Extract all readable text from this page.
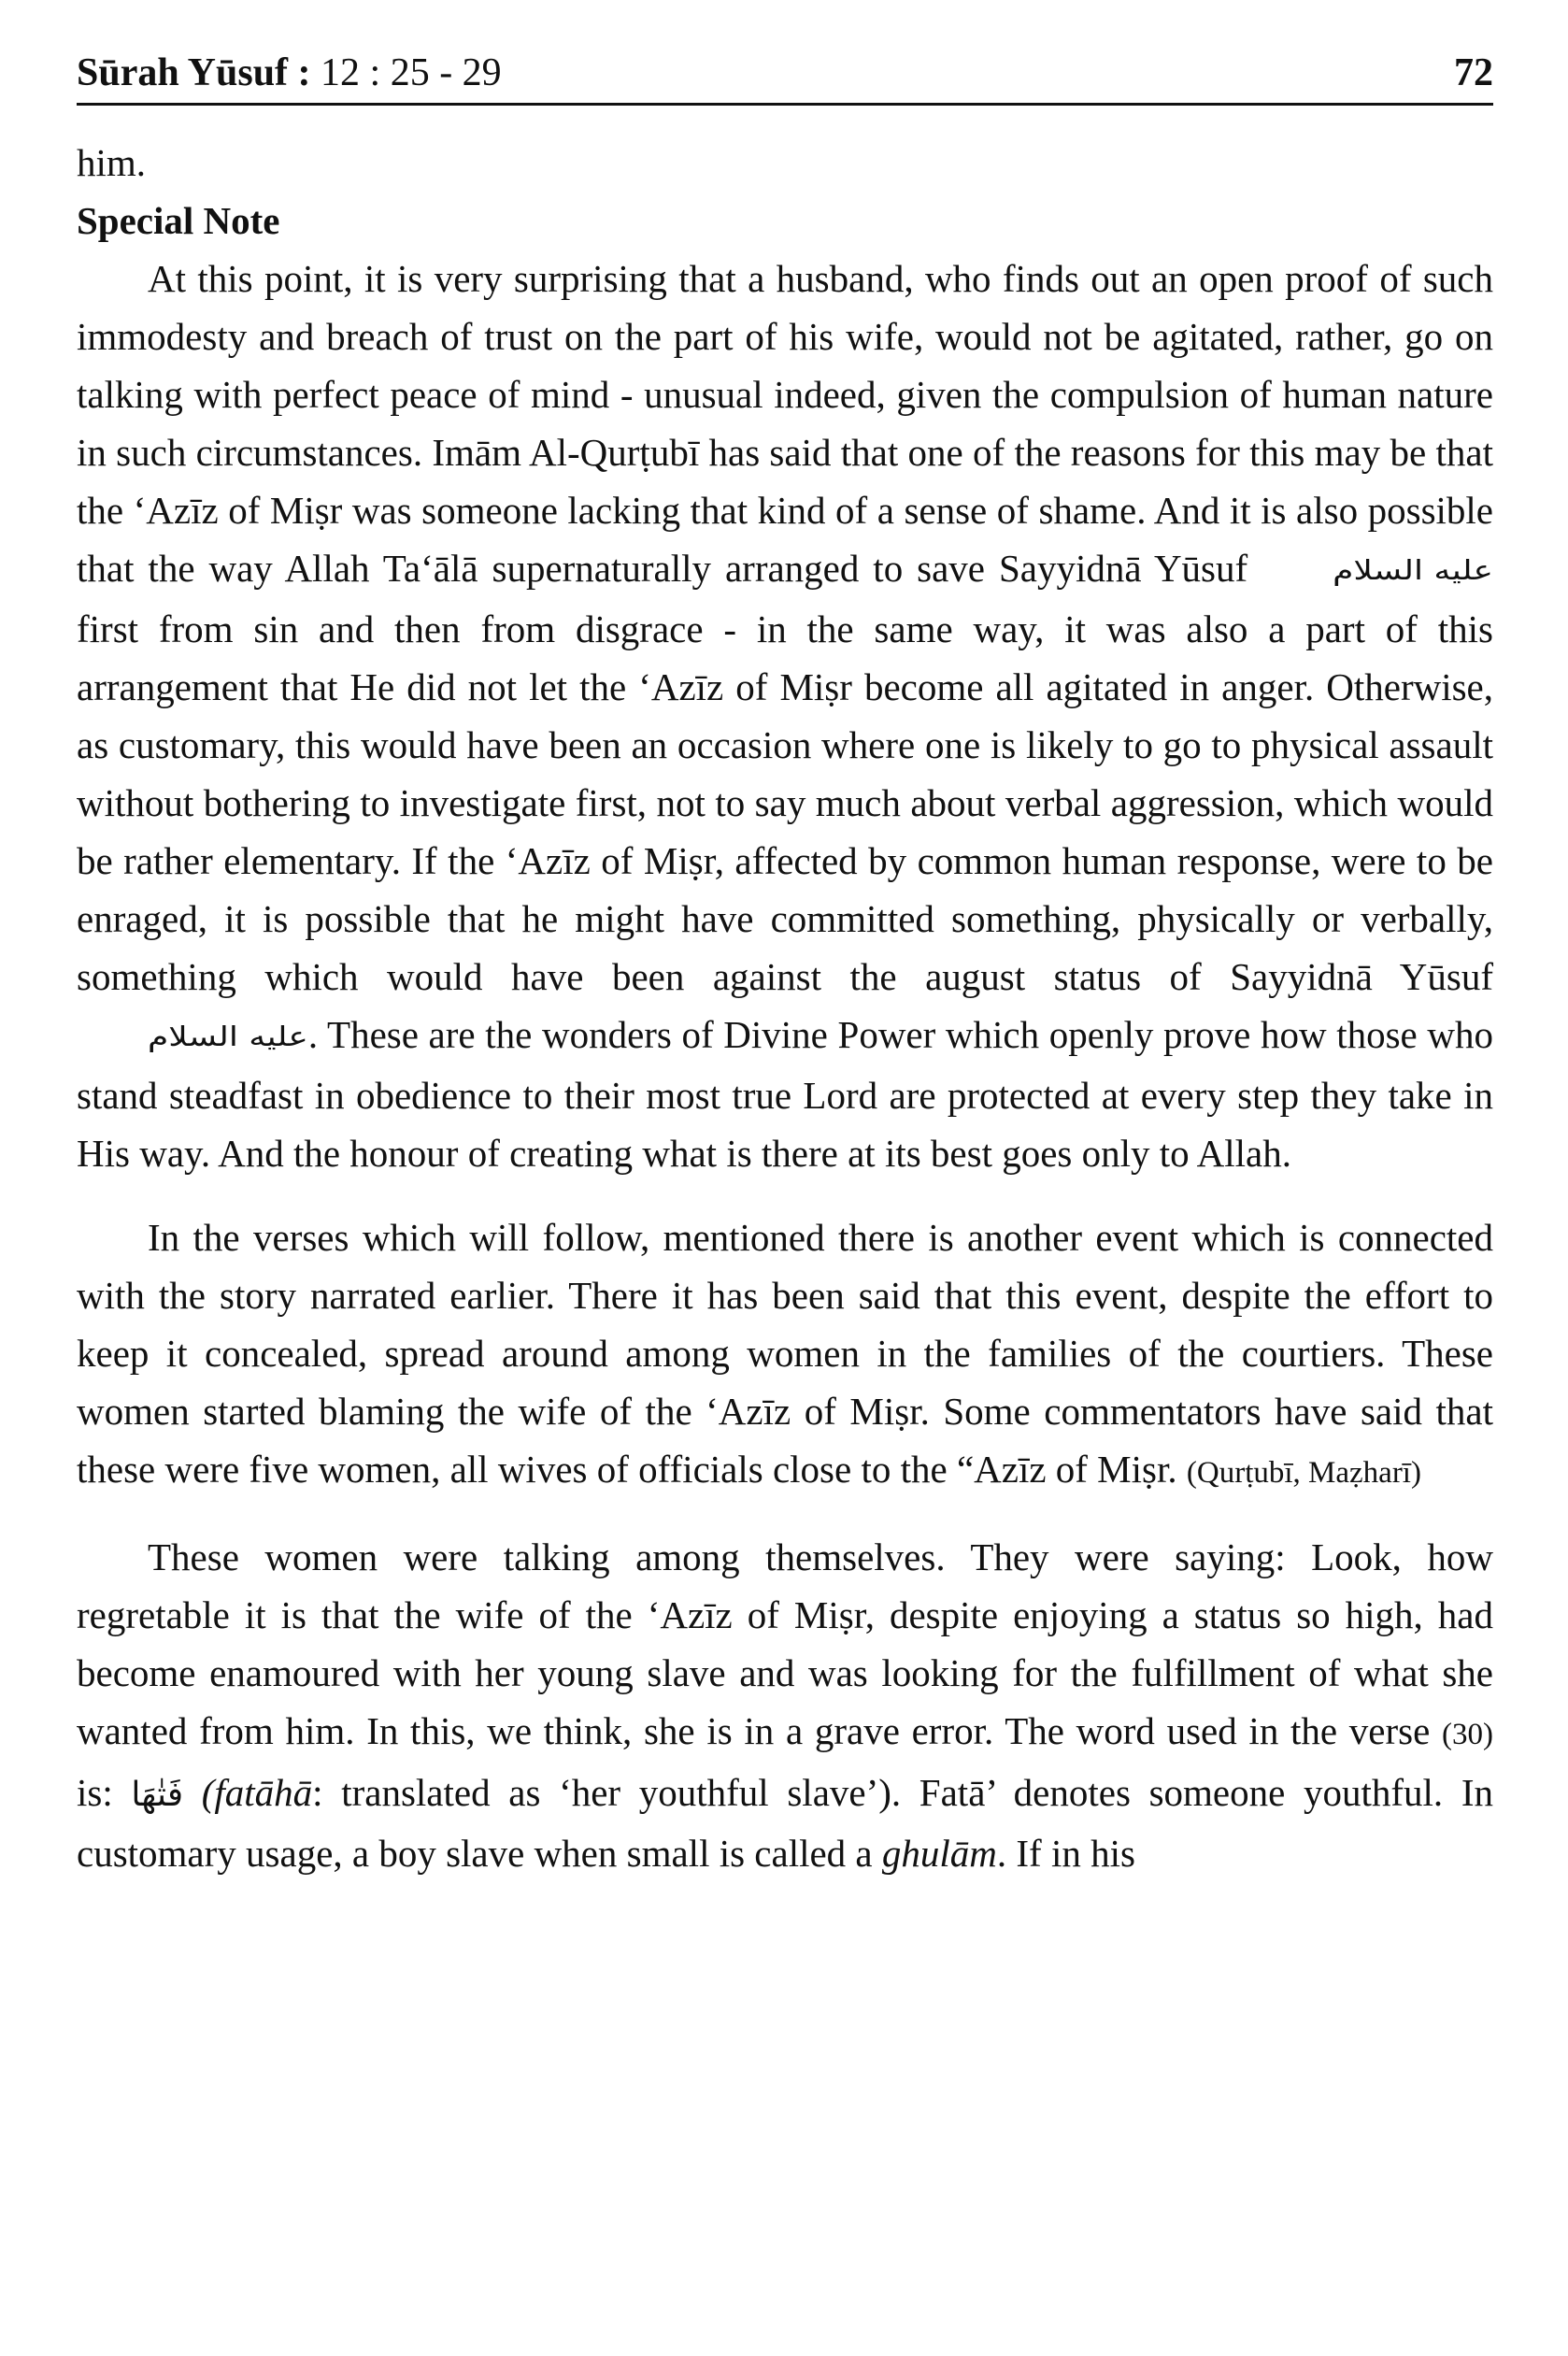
Sūrah Yūsuf : 12 : 25 - 29	72

him.

Special Note

At this point, it is very surprising that a husband, who finds out an open proof of such immodesty and breach of trust on the part of his wife, would not be agitated, rather, go on talking with perfect peace of mind - unusual indeed, given the compulsion of human nature in such circumstances. Imām Al-Qurṭubī has said that one of the reasons for this may be that the ‘Azīz of Miṣr was someone lacking that kind of a sense of shame. And it is also possible that the way Allah Ta‘ālā supernaturally arranged to save Sayyidnā Yūsuf	عليه السلام first from sin and then from disgrace - in the same way, it was also a part of this arrangement that He did not let the ‘Azīz of Miṣr become all agitated in anger. Otherwise, as customary, this would have been an occasion where one is likely to go to physical assault without bothering to investigate first, not to say much about verbal aggression, which would be rather elementary. If the ‘Azīz of Miṣr, affected by common human response, were to be enraged, it is possible that he might have committed something, physically or verbally, something which would have been against the august status of Sayyidnā Yūsuf عليه السلام. These are the wonders of Divine Power which openly prove how those who stand steadfast in obedience to their most true Lord are protected at every step they take in His way. And the honour of creating what is there at its best goes only to Allah.

In the verses which will follow, mentioned there is another event which is connected with the story narrated earlier. There it has been said that this event, despite the effort to keep it concealed, spread around among women in the families of the courtiers. These women started blaming the wife of the ‘Azīz of Miṣr. Some commentators have said that these were five women, all wives of officials close to the “Azīz of Miṣr. (Qurṭubī, Maẓharī)

These women were talking among themselves. They were saying: Look, how regretable it is that the wife of the ‘Azīz of Miṣr, despite enjoying a status so high, had become enamoured with her young slave and was looking for the fulfillment of what she wanted from him. In this, we think, she is in a grave error. The word used in the verse (30) is: فَتٰهَا (fatāhā: translated as ‘her youthful slave’). Fatā’ denotes someone youthful. In customary usage, a boy slave when small is called a ghulām. If in his
